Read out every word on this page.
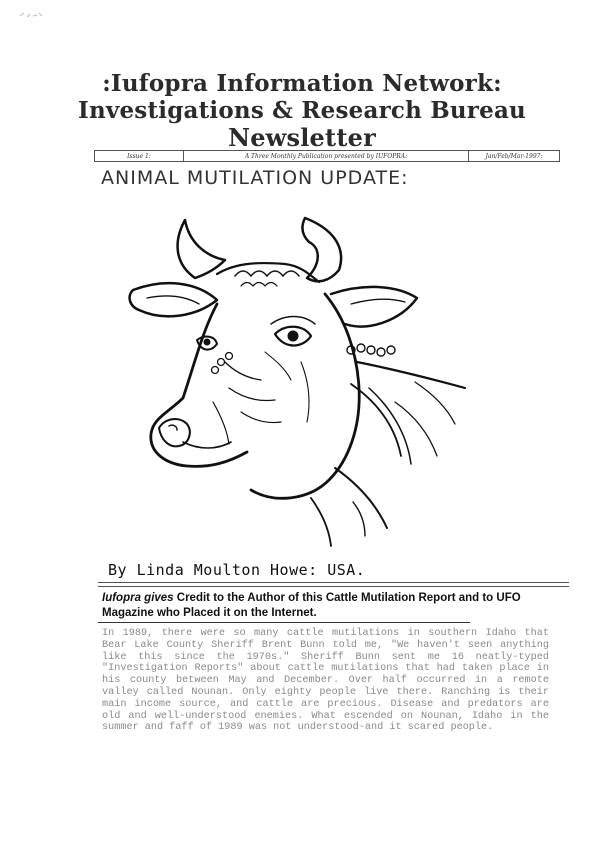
:Iufopra Information Network:
Investigations & Research Bureau
Newsletter
Issue 1:	A Three Monthly Publication presented by IUFOPRA:	Jan/Feb/Mar-1997:
ANIMAL MUTILATION UPDATE:
By Linda Moulton Howe: USA.
Iufopra gives Credit to the Author of this Cattle Mutilation Report and to UFO Magazine who Placed it on the Internet.
In 1989, there were so many cattle mutilations in southern Idaho that Bear Lake County Sheriff Brent Bunn told me, "We haven't seen anything like this since the 1970s." Sheriff Bunn sent me 16 neatly-typed "Investigation Reports" about cattle mutilations that had taken place in his county between May and December. Over half occurred in a remote valley called Nounan. Only eighty people live there. Ranching is their main income source, and cattle are precious. Disease and predators are old and well-understood enemies. What escended on Nounan, Idaho in the summer and faff of 1989 was not understood-and it scared people.
